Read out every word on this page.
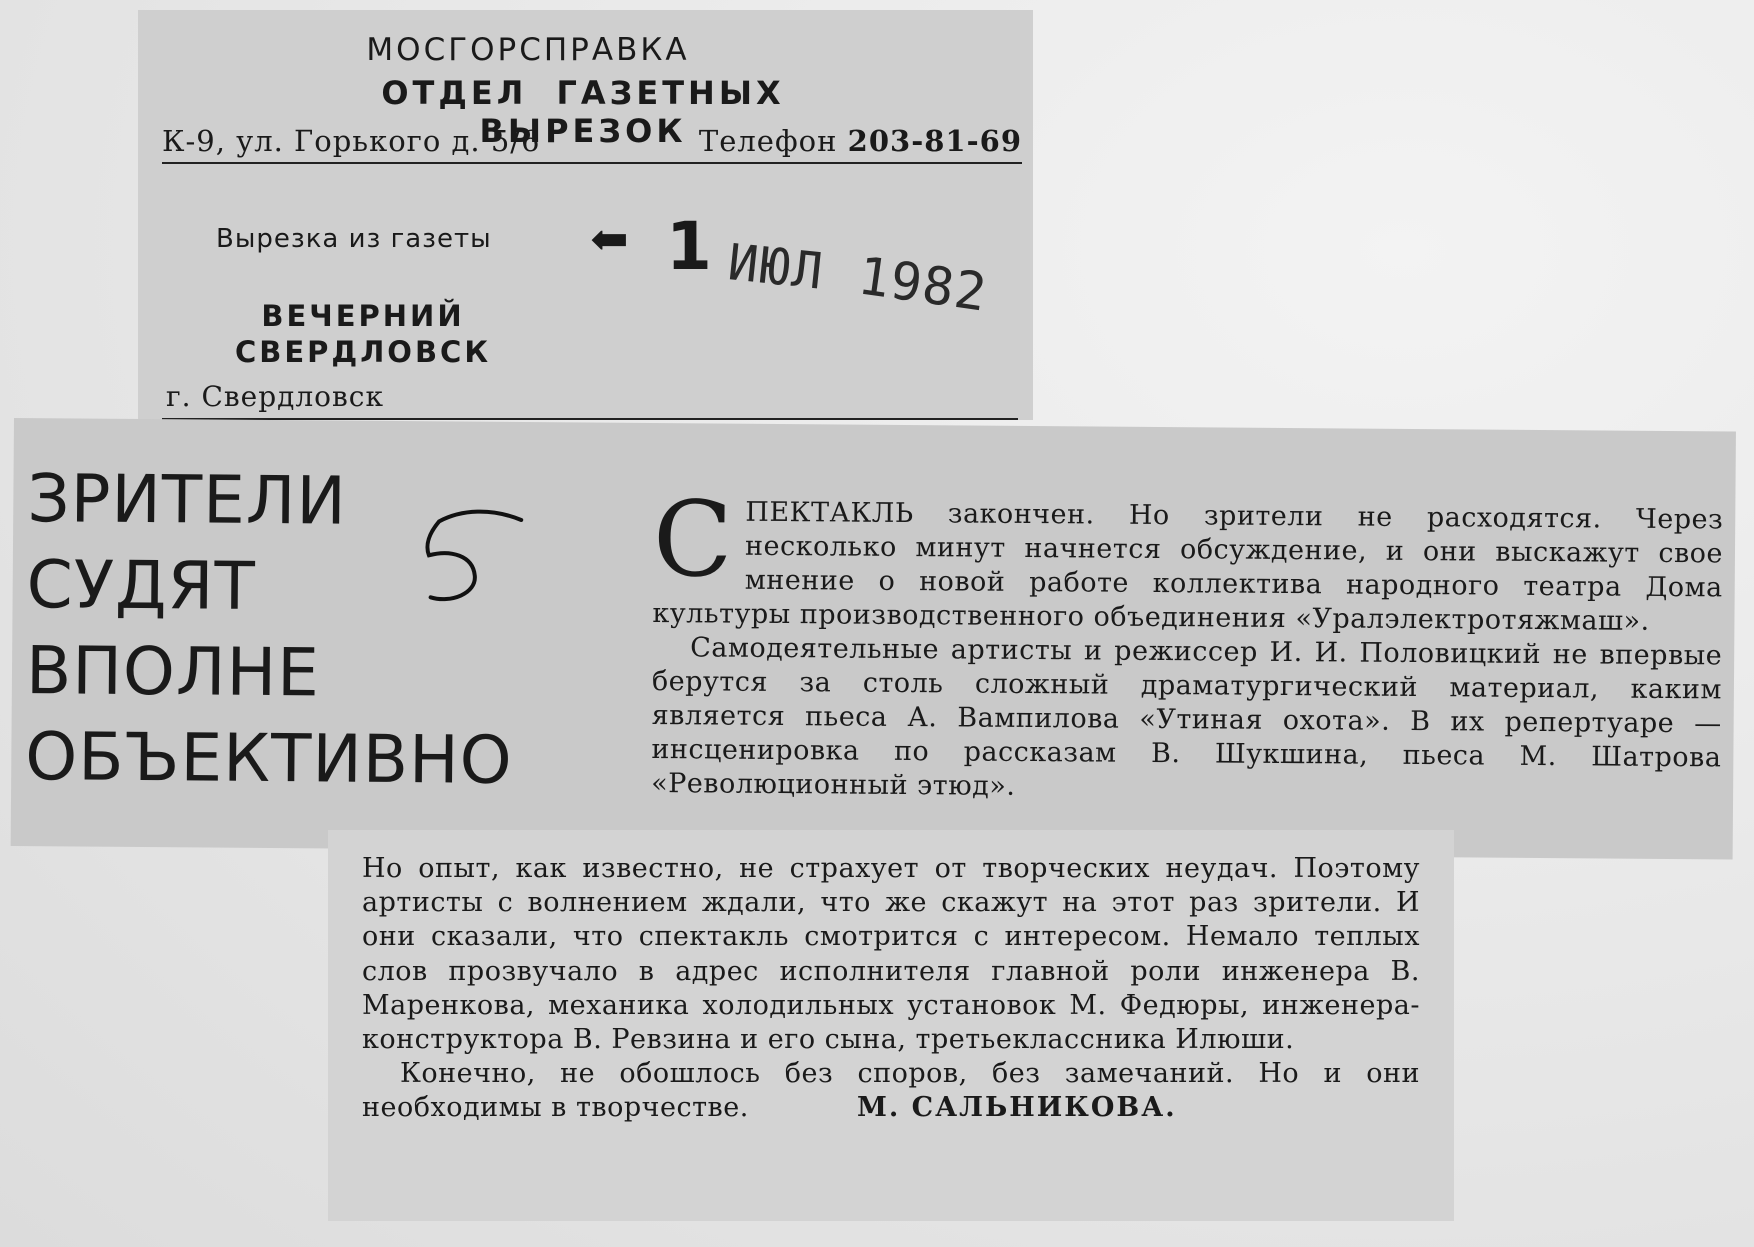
МОСГОРСПРАВКА
ОТДЕЛ ГАЗЕТНЫХ ВЫРЕЗОК
К-9, ул. Горького д. 5/6	Телефон 203-81-69
Вырезка из газеты ⬅ 1 ИЮЛ 1982
ВЕЧЕРНИЙ
СВЕРДЛОВСК
г. Свердловск
ЗРИТЕЛИ
СУДЯТ
ВПОЛНЕ
ОБЪЕКТИВНО
С ПЕКТАКЛЬ закончен. Но зрители не расходятся. Через несколько минут начнется обсуждение, и они выскажут свое мнение о новой работе коллектива народного театра Дома культуры производственного объединения «Уралэлектротяжмаш».

Самодеятельные артисты и режиссер И. И. Половицкий не впервые берутся за столь сложный драматургический материал, каким является пьеса А. Вампилова «Утиная охота». В их репертуаре — инсценировка по рассказам В. Шукшина, пьеса М. Шатрова «Революционный этюд».

Но опыт, как известно, не страхует от творческих неудач. Поэтому артисты с волнением ждали, что же скажут на этот раз зрители. И они сказали, что спектакль смотрится с интересом. Немало теплых слов прозвучало в адрес исполнителя главной роли инженера В. Маренкова, механика холодильных установок М. Федюры, инженера-конструктора В. Ревзина и его сына, третьеклассника Илюши.

Конечно, не обошлось без споров, без замечаний. Но и они необходимы в творчестве.	М. САЛЬНИКОВА.
